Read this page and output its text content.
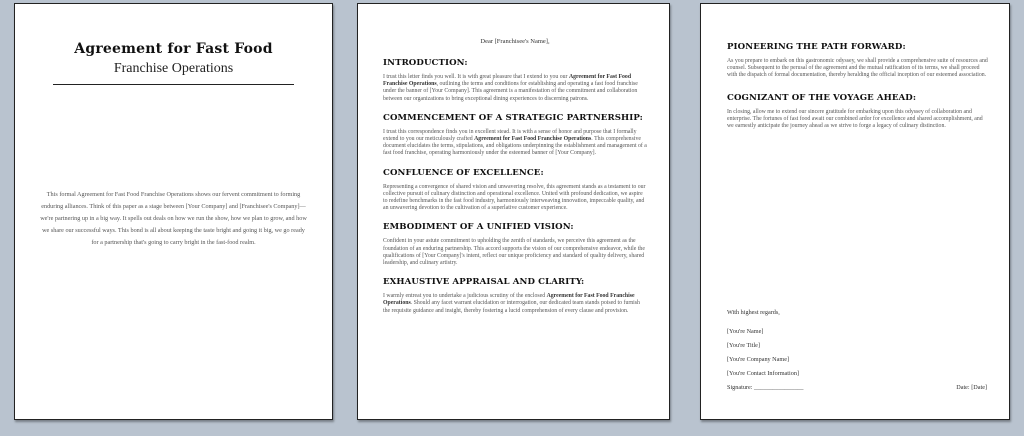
Agreement for Fast Food
Franchise Operations
This formal Agreement for Fast Food Franchise Operations shows our fervent commitment to forming enduring alliances. Think of this paper as a stage between [Your Company] and [Franchisee's Company]—we're partnering up in a big way. It spells out deals on how we run the show, how we plan to grow, and how we share our successful ways. This bond is all about keeping the taste bright and going it big, we go ready for a partnership that's going to carry bright in the fast-food realm.
Dear [Franchisee's Name],

INTRODUCTION:

I trust this letter finds you well. It is with great pleasure that I extend to you our Agreement for Fast Food Franchise Operations, outlining the terms and conditions for establishing and operating a fast food franchise under the banner of [Your Company]. This agreement is a manifestation of the commitment and collaboration between our organizations to bring exceptional dining experiences to discerning patrons.

COMMENCEMENT OF A STRATEGIC PARTNERSHIP:

I trust this correspondence finds you in excellent stead. It is with a sense of honor and purpose that I formally extend to you our meticulously crafted Agreement for Fast Food Franchise Operations. This comprehensive document elucidates the terms, stipulations, and obligations underpinning the establishment and management of a fast food franchise, operating harmoniously under the esteemed banner of [Your Company].

CONFLUENCE OF EXCELLENCE:

Representing a convergence of shared vision and unwavering resolve, this agreement stands as a testament to our collective pursuit of culinary distinction and operational excellence. United with profound dedication, we aspire to redefine benchmarks in the fast food industry, harmoniously interweaving innovation, impeccable quality, and an unwavering devotion to the cultivation of a superlative customer experience.

EMBODIMENT OF A UNIFIED VISION:

Confident in your astute commitment to upholding the zenith of standards, we perceive this agreement as the foundation of an enduring partnership. This accord supports the vision of our comprehensive endeavor, while the qualifications of [Your Company]'s intent, reflect our unique proficiency and standard of quality delivery, shared leadership, and culinary artistry.

EXHAUSTIVE APPRAISAL AND CLARITY:

I warmly entreat you to undertake a judicious scrutiny of the enclosed Agreement for Fast Food Franchise Operations. Should any facet warrant elucidation or interrogation, our dedicated team stands poised to furnish the requisite guidance and insight, thereby fostering a lucid comprehension of every clause and provision.

PIONEERING THE PATH FORWARD:

As you prepare to embark on this gastronomic odyssey, we shall provide a comprehensive suite of resources and counsel. Subsequent to the perusal of the agreement and the mutual ratification of its terms, we shall proceed with the dispatch of formal documentation, thereby heralding the official inception of our esteemed association.

COGNIZANT OF THE VOYAGE AHEAD:

In closing, allow me to extend our sincere gratitude for embarking upon this odyssey of collaboration and enterprise. The fortunes of fast food await our combined ardor for excellence and shared accomplishment, and we earnestly anticipate the journey ahead as we strive to forge a legacy of culinary distinction.

With highest regards,
[You're Name]
[You're Title]
[You're Company Name]
[You're Contact Information]
Signature: ________________	Date: [Date]
